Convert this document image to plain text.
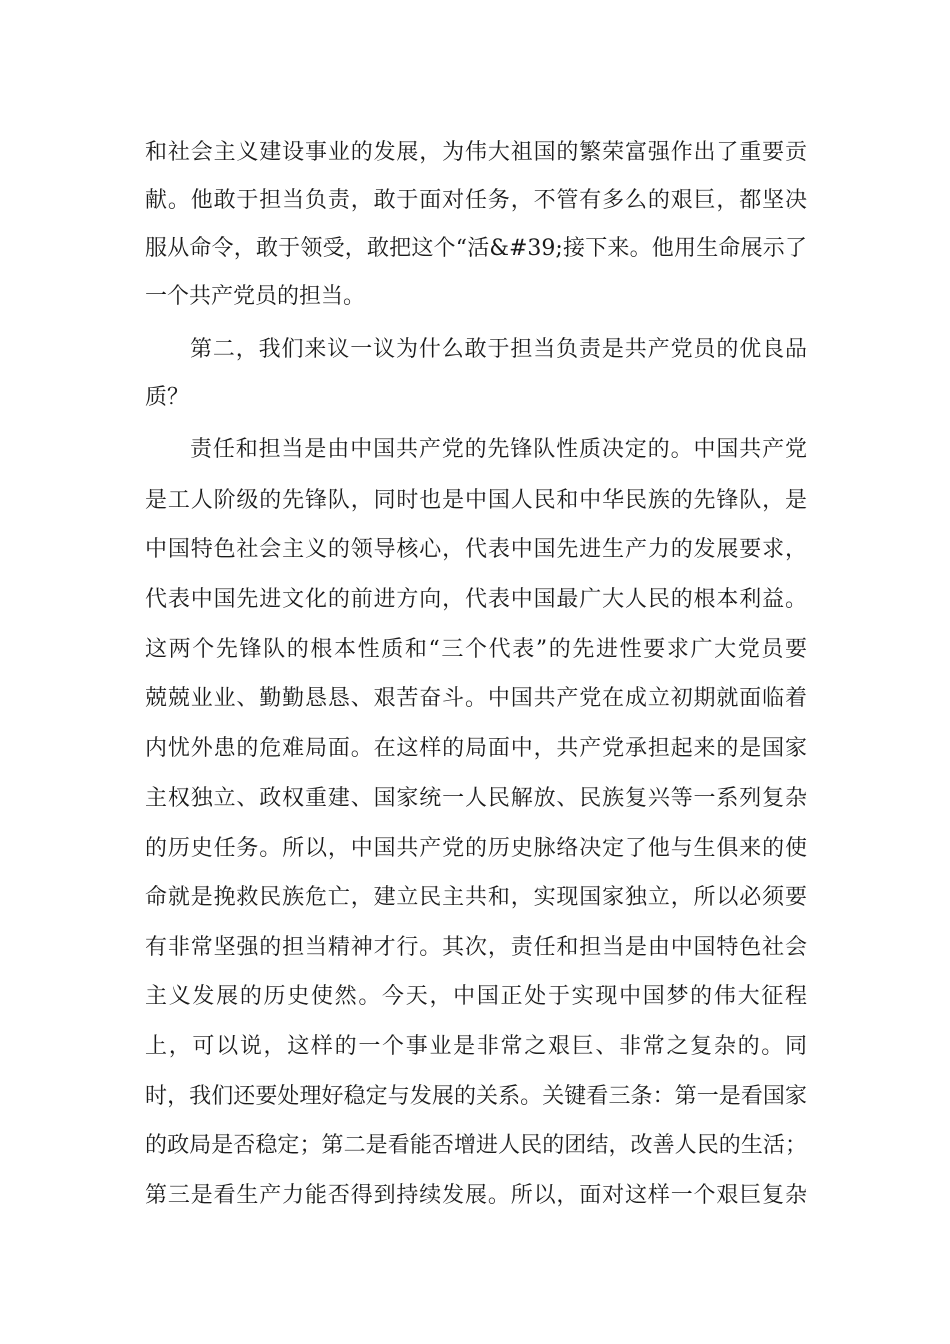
和社会主义建设事业的发展，为伟大祖国的繁荣富强作出了重要贡
献。他敢于担当负责，敢于面对任务，不管有多么的艰巨，都坚决
服从命令，敢于领受，敢把这个“活&#39;接下来。他用生命展示了
一个共产党员的担当。
第二，我们来议一议为什么敢于担当负责是共产党员的优良品
质？
责任和担当是由中国共产党的先锋队性质决定的。中国共产党
是工人阶级的先锋队，同时也是中国人民和中华民族的先锋队，是
中国特色社会主义的领导核心，代表中国先进生产力的发展要求，
代表中国先进文化的前进方向，代表中国最广大人民的根本利益。
这两个先锋队的根本性质和“三个代表”的先进性要求广大党员要
兢兢业业、勤勤恳恳、艰苦奋斗。中国共产党在成立初期就面临着
内忧外患的危难局面。在这样的局面中，共产党承担起来的是国家
主权独立、政权重建、国家统一人民解放、民族复兴等一系列复杂
的历史任务。所以，中国共产党的历史脉络决定了他与生俱来的使
命就是挽救民族危亡，建立民主共和，实现国家独立，所以必须要
有非常坚强的担当精神才行。其次，责任和担当是由中国特色社会
主义发展的历史使然。今天，中国正处于实现中国梦的伟大征程
上，可以说，这样的一个事业是非常之艰巨、非常之复杂的。同
时，我们还要处理好稳定与发展的关系。关键看三条：第一是看国家
的政局是否稳定；第二是看能否增进人民的团结，改善人民的生活；
第三是看生产力能否得到持续发展。所以，面对这样一个艰巨复杂
